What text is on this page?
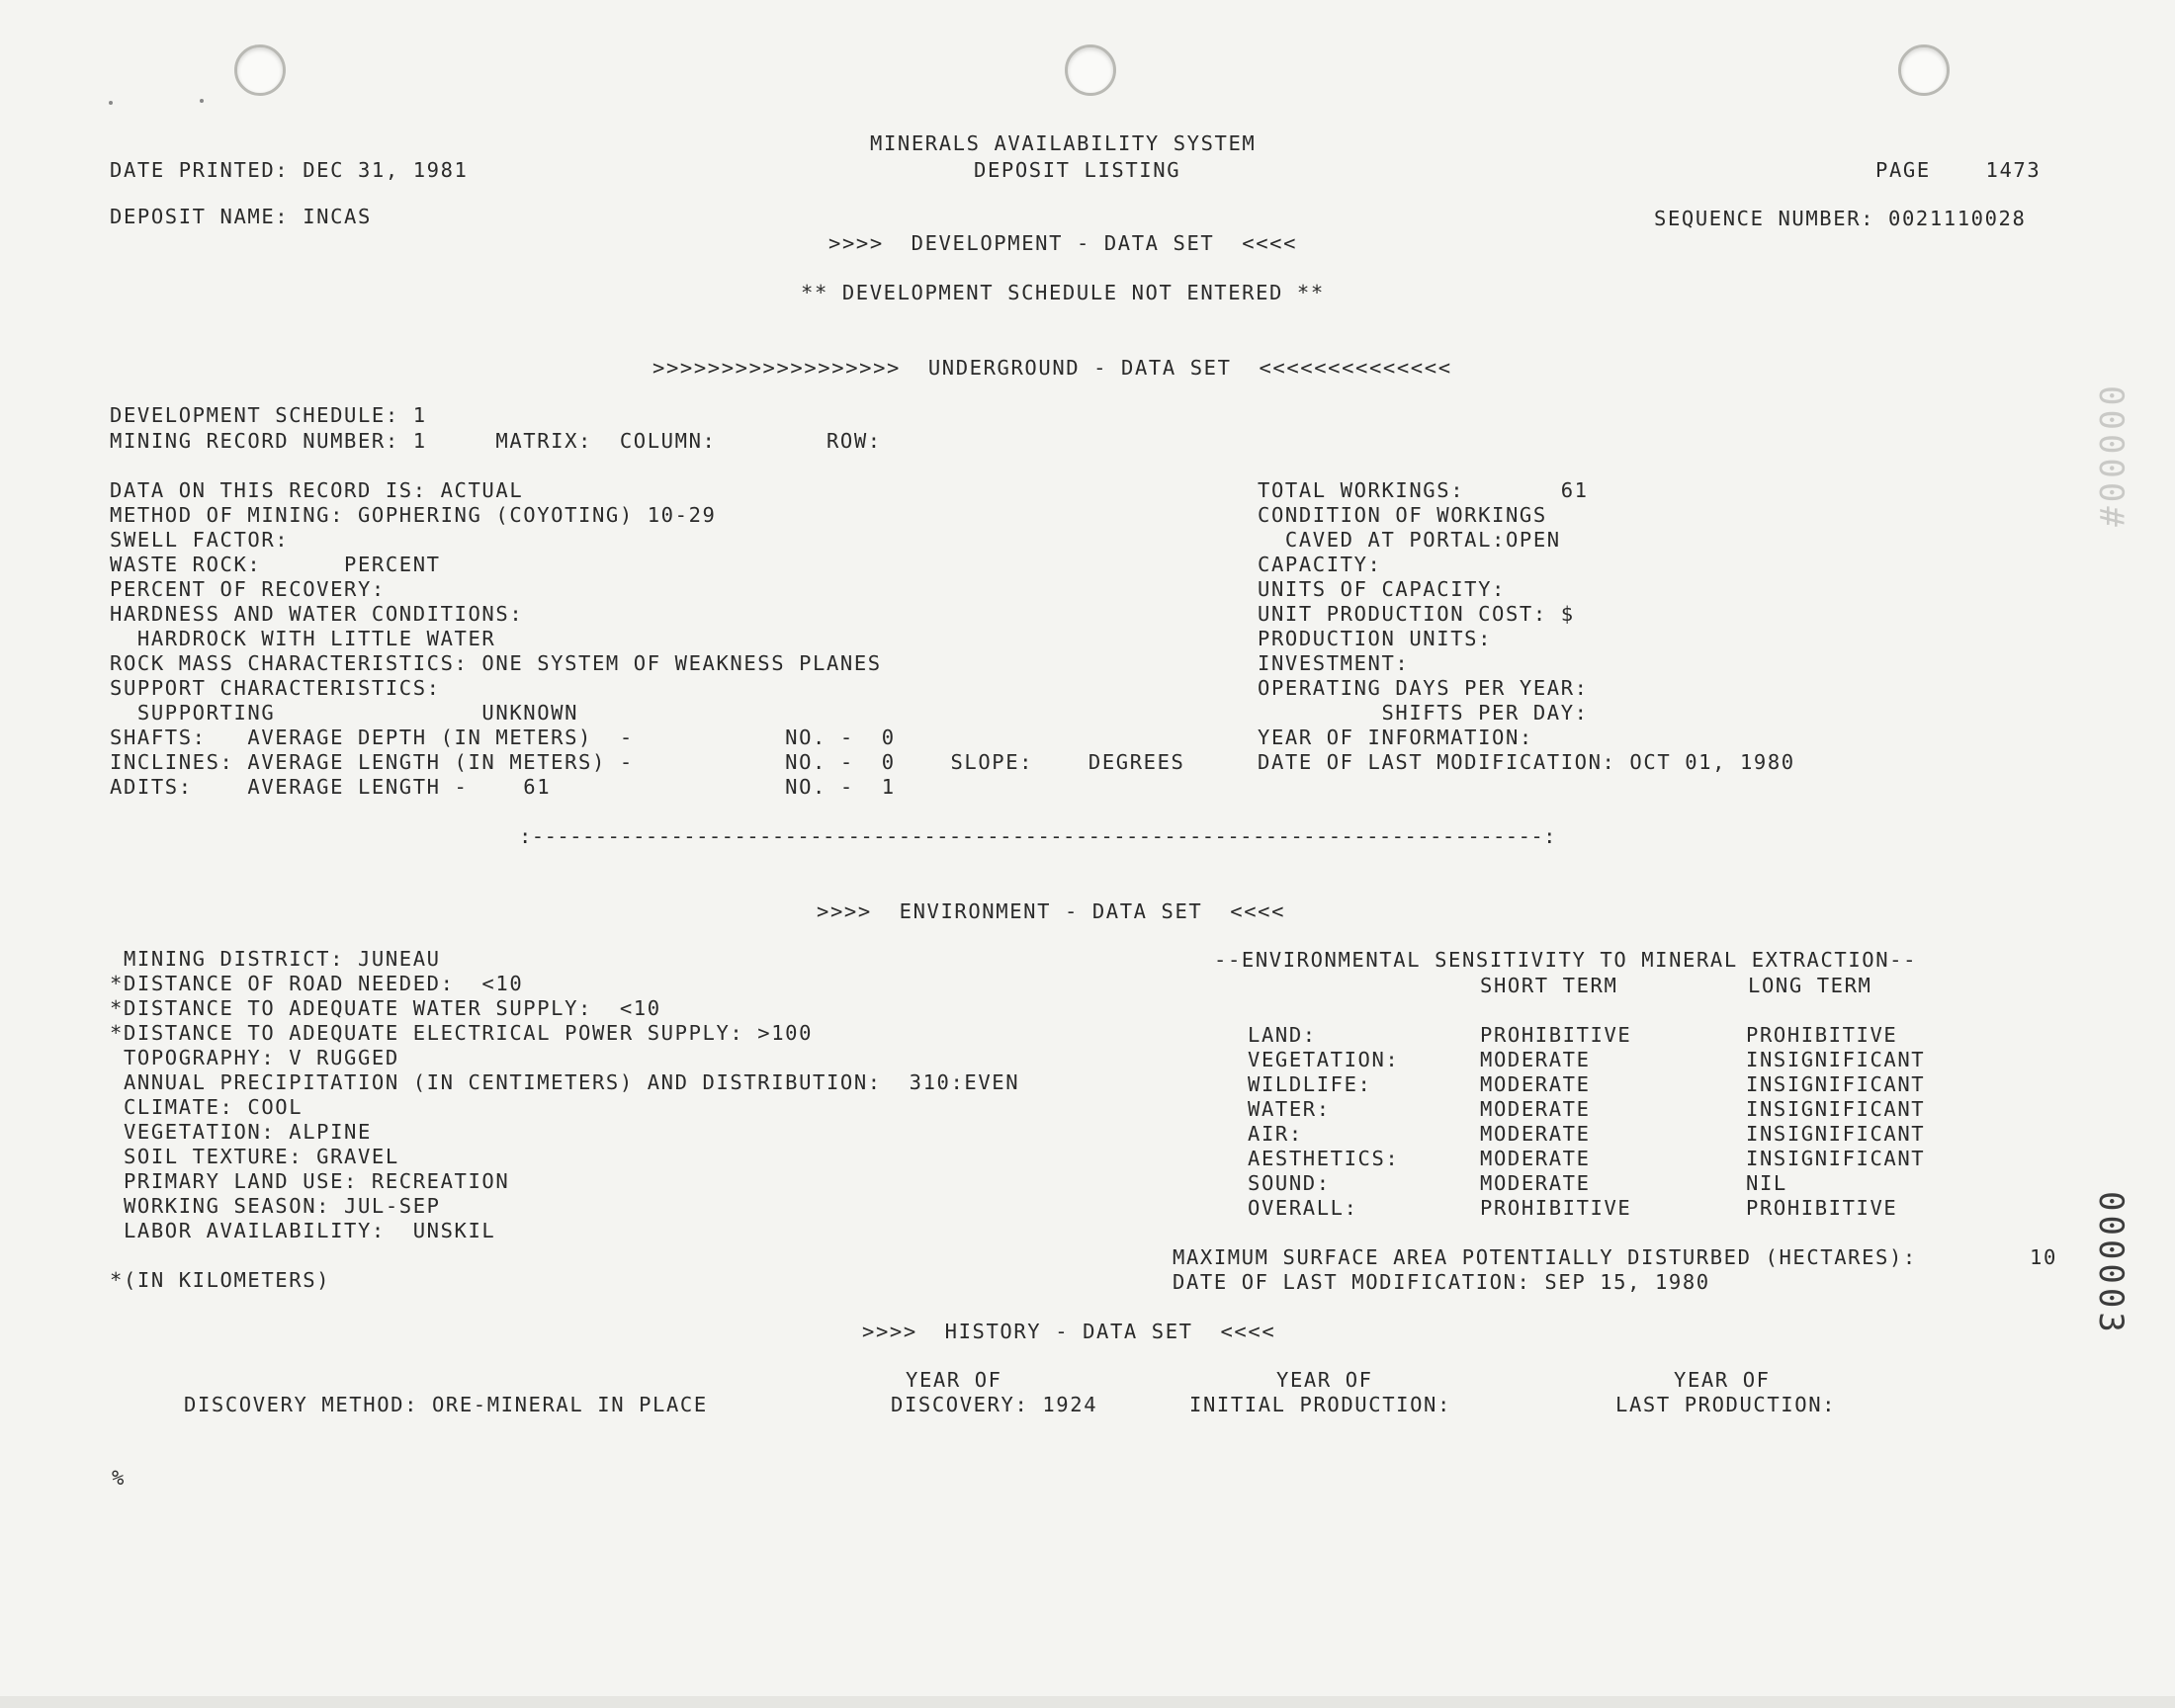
MINERALS AVAILABILITY SYSTEM
DEPOSIT LISTING
DATE PRINTED: DEC 31, 1981	PAGE    1473
DEPOSIT NAME: INCAS	SEQUENCE NUMBER: 0021110028
>>>>  DEVELOPMENT - DATA SET  <<<<
** DEVELOPMENT SCHEDULE NOT ENTERED **
>>>>>>>>>>>>>>>>>>  UNDERGROUND - DATA SET  <<<<<<<<<<<<<<
DEVELOPMENT SCHEDULE: 1
MINING RECORD NUMBER: 1     MATRIX:  COLUMN:        ROW:
DATA ON THIS RECORD IS: ACTUAL
METHOD OF MINING: GOPHERING (COYOTING) 10-29
SWELL FACTOR:
WASTE ROCK:      PERCENT
PERCENT OF RECOVERY:
HARDNESS AND WATER CONDITIONS:
HARDROCK WITH LITTLE WATER
ROCK MASS CHARACTERISTICS: ONE SYSTEM OF WEAKNESS PLANES
SUPPORT CHARACTERISTICS:
SUPPORTING               UNKNOWN
SHAFTS:   AVERAGE DEPTH (IN METERS)  -           NO. -  0
INCLINES: AVERAGE LENGTH (IN METERS) -           NO. -  0    SLOPE:    DEGREES
ADITS:    AVERAGE LENGTH -    61                 NO. -  1
TOTAL WORKINGS:       61
CONDITION OF WORKINGS
CAVED AT PORTAL:OPEN
CAPACITY:
UNITS OF CAPACITY:
UNIT PRODUCTION COST: $
PRODUCTION UNITS:
INVESTMENT:
OPERATING DAYS PER YEAR:
SHIFTS PER DAY:
YEAR OF INFORMATION:
DATE OF LAST MODIFICATION: OCT 01, 1980
:--------------------------------------------------------------------------------:
>>>>  ENVIRONMENT - DATA SET  <<<<
MINING DISTRICT: JUNEAU
*DISTANCE OF ROAD NEEDED:  <10
*DISTANCE TO ADEQUATE WATER SUPPLY:  <10
*DISTANCE TO ADEQUATE ELECTRICAL POWER SUPPLY: >100
TOPOGRAPHY: V RUGGED
ANNUAL PRECIPITATION (IN CENTIMETERS) AND DISTRIBUTION:  310:EVEN
CLIMATE: COOL
VEGETATION: ALPINE
SOIL TEXTURE: GRAVEL
PRIMARY LAND USE: RECREATION
WORKING SEASON: JUL-SEP
LABOR AVAILABILITY:  UNSKIL
*(IN KILOMETERS)
--ENVIRONMENTAL SENSITIVITY TO MINERAL EXTRACTION--
SHORT TERM	LONG TERM
LAND:	PROHIBITIVE	PROHIBITIVE
VEGETATION:	MODERATE	INSIGNIFICANT
WILDLIFE:	MODERATE	INSIGNIFICANT
WATER:	MODERATE	INSIGNIFICANT
AIR:	MODERATE	INSIGNIFICANT
AESTHETICS:	MODERATE	INSIGNIFICANT
SOUND:	MODERATE	NIL
OVERALL:	PROHIBITIVE	PROHIBITIVE
MAXIMUM SURFACE AREA POTENTIALLY DISTURBED (HECTARES):	10
DATE OF LAST MODIFICATION: SEP 15, 1980
>>>>  HISTORY - DATA SET  <<<<
DISCOVERY METHOD: ORE-MINERAL IN PLACE
YEAR OF
DISCOVERY: 1924
YEAR OF
INITIAL PRODUCTION:
YEAR OF
LAST PRODUCTION:
%
00000#
000003
